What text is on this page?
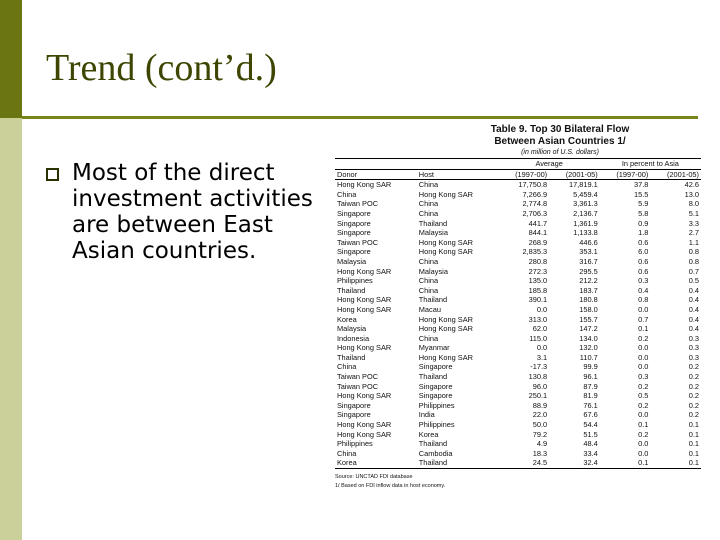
Trend (cont’d.)
Most of the direct investment activities are between East Asian countries.
Table 9. Top 30 Bilateral Flow
Between Asian Countries 1/
(in million of U.S. dollars)
		Average		In percent to Asia	
Donor	Host	(1997-00)	(2001-05)	(1997-00)	(2001-05)
Hong Kong SAR	China	17,750.8	17,819.1	37.8	42.6
China	Hong Kong SAR	7,266.9	5,459.4	15.5	13.0
Taiwan POC	China	2,774.8	3,361.3	5.9	8.0
Singapore	China	2,706.3	2,136.7	5.8	5.1
Singapore	Thailand	441.7	1,361.9	0.9	3.3
Singapore	Malaysia	844.1	1,133.8	1.8	2.7
Taiwan POC	Hong Kong SAR	268.9	446.6	0.6	1.1
Singapore	Hong Kong SAR	2,835.3	353.1	6.0	0.8
Malaysia	China	280.8	316.7	0.6	0.8
Hong Kong SAR	Malaysia	272.3	295.5	0.6	0.7
Philippines	China	135.0	212.2	0.3	0.5
Thailand	China	185.8	183.7	0.4	0.4
Hong Kong SAR	Thailand	390.1	180.8	0.8	0.4
Hong Kong SAR	Macau	0.0	158.0	0.0	0.4
Korea	Hong Kong SAR	313.0	155.7	0.7	0.4
Malaysia	Hong Kong SAR	62.0	147.2	0.1	0.4
Indonesia	China	115.0	134.0	0.2	0.3
Hong Kong SAR	Myanmar	0.0	132.0	0.0	0.3
Thailand	Hong Kong SAR	3.1	110.7	0.0	0.3
China	Singapore	-17.3	99.9	0.0	0.2
Taiwan POC	Thailand	130.8	96.1	0.3	0.2
Taiwan POC	Singapore	96.0	87.9	0.2	0.2
Hong Kong SAR	Singapore	250.1	81.9	0.5	0.2
Singapore	Philippines	88.9	76.1	0.2	0.2
Singapore	India	22.0	67.6	0.0	0.2
Hong Kong SAR	Philippines	50.0	54.4	0.1	0.1
Hong Kong SAR	Korea	79.2	51.5	0.2	0.1
Philippines	Thailand	4.9	48.4	0.0	0.1
China	Cambodia	18.3	33.4	0.0	0.1
Korea	Thailand	24.5	32.4	0.1	0.1
Source: UNCTAD FDI database
1/ Based on FDI inflow data in host economy.
